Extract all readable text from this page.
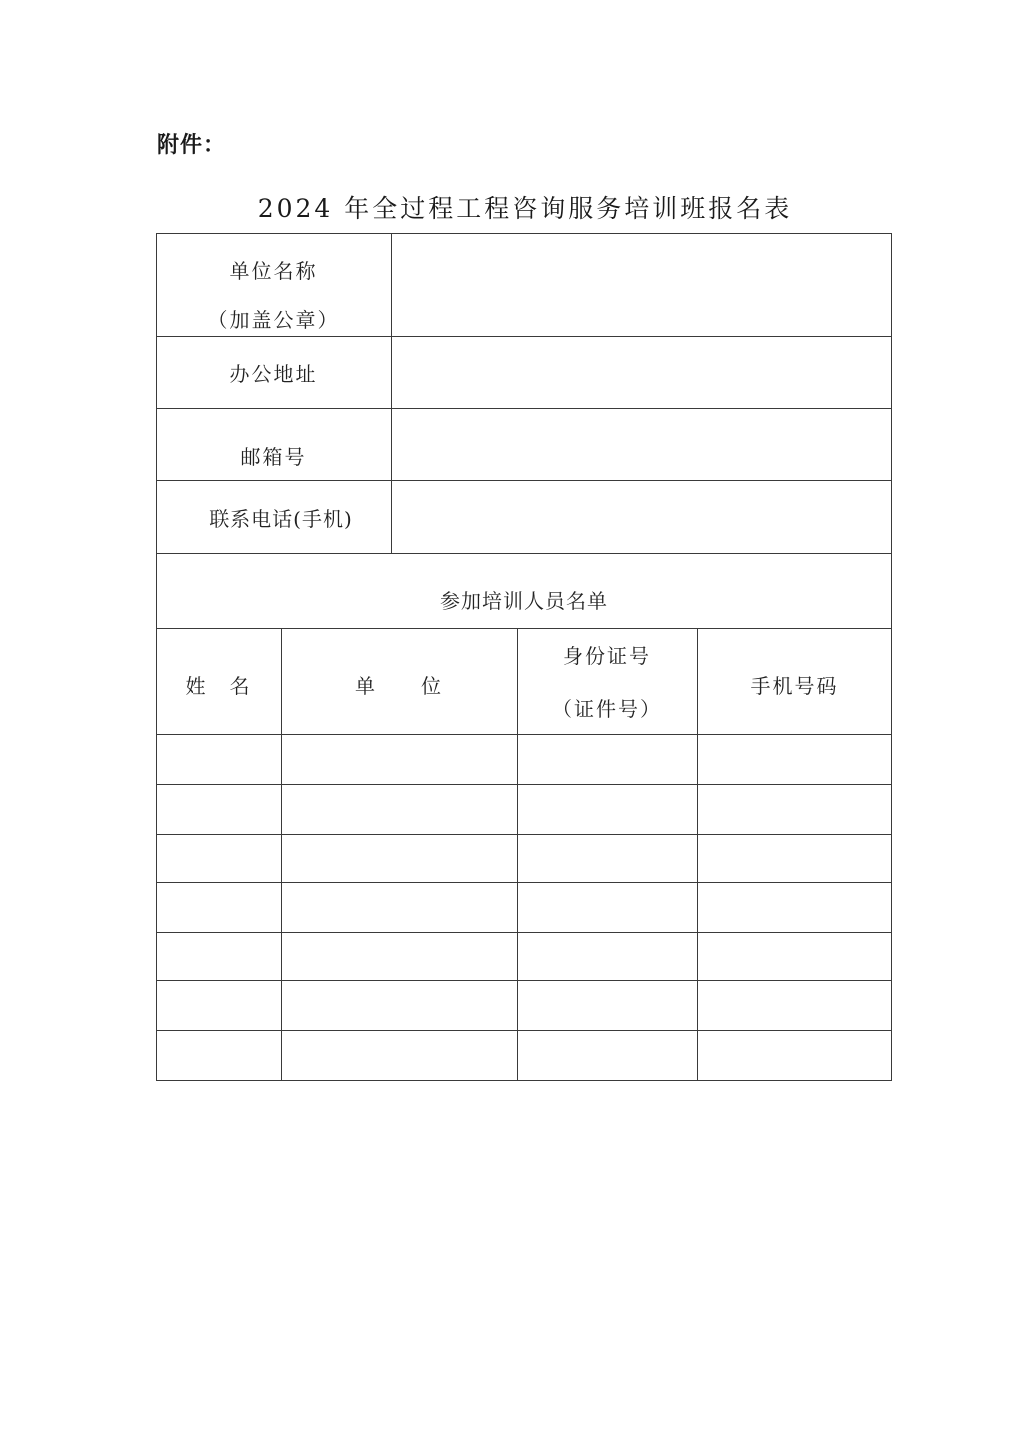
附件：
2024 年全过程工程咨询服务培训班报名表
单位名称
（加盖公章）
办公地址
邮箱号
联系电话(手机)
参加培训人员名单
姓　名	单　　位
身份证号
（证件号）
手机号码
